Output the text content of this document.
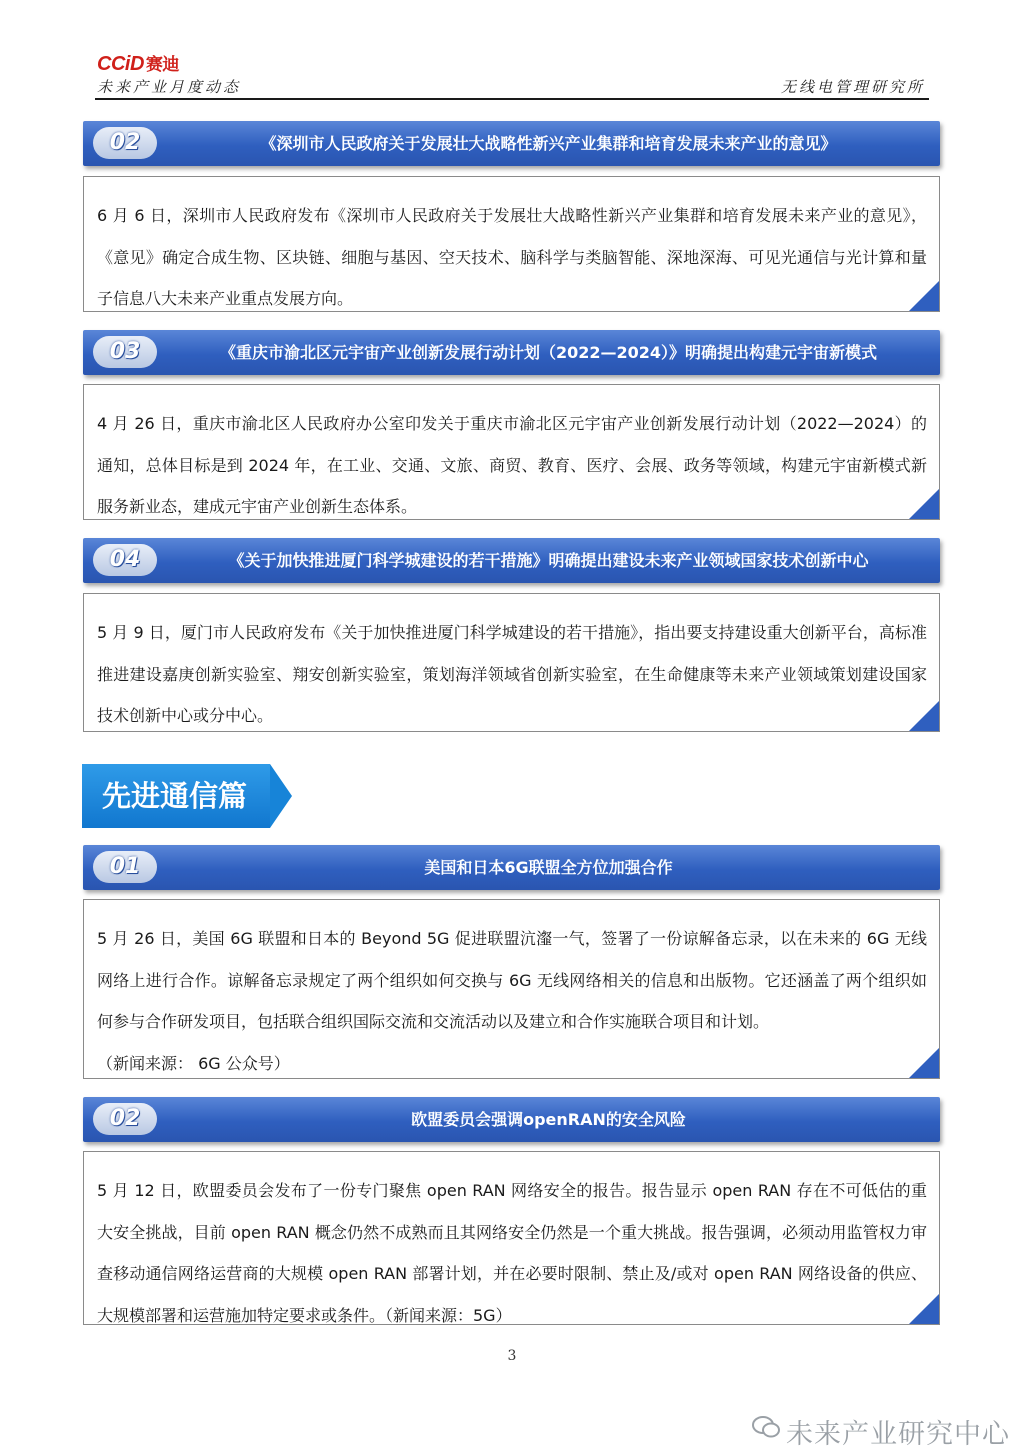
CCiD 赛迪
未来产业月度动态	无线电管理研究所
02	《深圳市人民政府关于发展壮大战略性新兴产业集群和培育发展未来产业的意见》
6 月 6 日，深圳市人民政府发布《深圳市人民政府关于发展壮大战略性新兴产业集群和培育发展未来产业的意见》，《意见》确定合成生物、区块链、细胞与基因、空天技术、脑科学与类脑智能、深地深海、可见光通信与光计算和量子信息八大未来产业重点发展方向。
03	《重庆市渝北区元宇宙产业创新发展行动计划（2022—2024）》明确提出构建元宇宙新模式
4 月 26 日，重庆市渝北区人民政府办公室印发关于重庆市渝北区元宇宙产业创新发展行动计划（2022—2024）的通知，总体目标是到 2024 年，在工业、交通、文旅、商贸、教育、医疗、会展、政务等领域，构建元宇宙新模式新服务新业态，建成元宇宙产业创新生态体系。
04	《关于加快推进厦门科学城建设的若干措施》明确提出建设未来产业领域国家技术创新中心
5 月 9 日，厦门市人民政府发布《关于加快推进厦门科学城建设的若干措施》，指出要支持建设重大创新平台，高标准推进建设嘉庚创新实验室、翔安创新实验室，策划海洋领域省创新实验室，在生命健康等未来产业领域策划建设国家技术创新中心或分中心。
先进通信篇
01	美国和日本6G联盟全方位加强合作
5 月 26 日，美国 6G 联盟和日本的 Beyond 5G 促进联盟沆瀣一气，签署了一份谅解备忘录，以在未来的 6G 无线网络上进行合作。谅解备忘录规定了两个组织如何交换与 6G 无线网络相关的信息和出版物。它还涵盖了两个组织如何参与合作研发项目，包括联合组织国际交流和交流活动以及建立和合作实施联合项目和计划。
（新闻来源： 6G 公众号）
02	欧盟委员会强调openRAN的安全风险
5 月 12 日，欧盟委员会发布了一份专门聚焦 open RAN 网络安全的报告。报告显示 open RAN 存在不可低估的重大安全挑战，目前 open RAN 概念仍然不成熟而且其网络安全仍然是一个重大挑战。报告强调，必须动用监管权力审查移动通信网络运营商的大规模 open RAN 部署计划，并在必要时限制、禁止及/或对 open RAN 网络设备的供应、大规模部署和运营施加特定要求或条件。（新闻来源：5G）
3
未来产业研究中心
